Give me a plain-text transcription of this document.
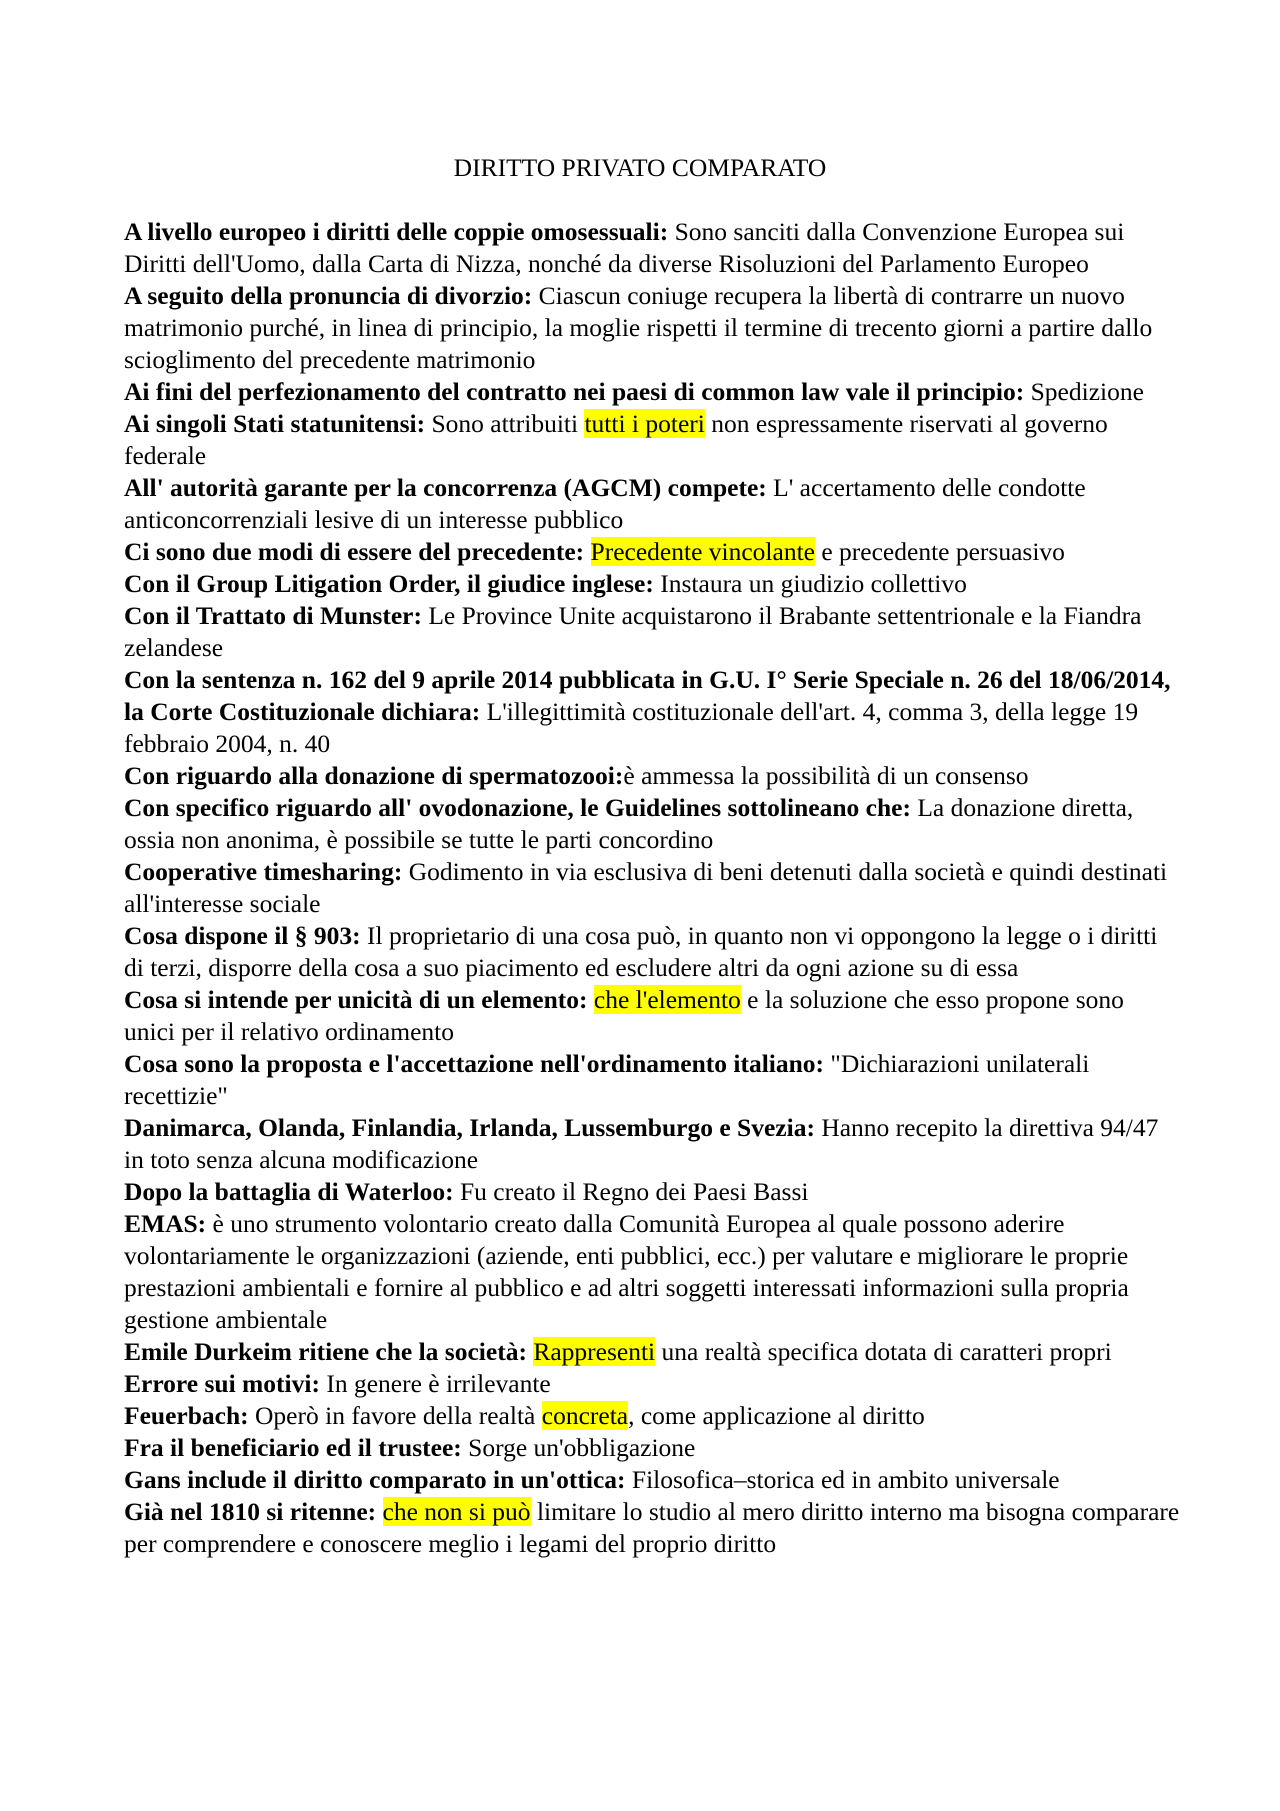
DIRITTO PRIVATO COMPARATO

A livello europeo i diritti delle coppie omosessuali: Sono sanciti dalla Convenzione Europea sui Diritti dell'Uomo, dalla Carta di Nizza, nonché da diverse Risoluzioni del Parlamento Europeo

A seguito della pronuncia di divorzio: Ciascun coniuge recupera la libertà di contrarre un nuovo matrimonio purché, in linea di principio, la moglie rispetti il termine di trecento giorni a partire dallo scioglimento del precedente matrimonio

Ai fini del perfezionamento del contratto nei paesi di common law vale il principio: Spedizione

Ai singoli Stati statunitensi: Sono attribuiti tutti i poteri non espressamente riservati al governo federale

All' autorità garante per la concorrenza (AGCM) compete: L' accertamento delle condotte anticoncorrenziali lesive di un interesse pubblico

Ci sono due modi di essere del precedente: Precedente vincolante e precedente persuasivo

Con il Group Litigation Order, il giudice inglese: Instaura un giudizio collettivo

Con il Trattato di Munster: Le Province Unite acquistarono il Brabante settentrionale e la Fiandra zelandese

Con la sentenza n. 162 del 9 aprile 2014 pubblicata in G.U. I° Serie Speciale n. 26 del 18/06/2014, la Corte Costituzionale dichiara: L'illegittimità costituzionale dell'art. 4, comma 3, della legge 19 febbraio 2004, n. 40

Con riguardo alla donazione di spermatozooi:è ammessa la possibilità di un consenso

Con specifico riguardo all' ovodonazione, le Guidelines sottolineano che: La donazione diretta, ossia non anonima, è possibile se tutte le parti concordino

Cooperative timesharing: Godimento in via esclusiva di beni detenuti dalla società e quindi destinati all'interesse sociale

Cosa dispone il § 903: Il proprietario di una cosa può, in quanto non vi oppongono la legge o i diritti di terzi, disporre della cosa a suo piacimento ed escludere altri da ogni azione su di essa

Cosa si intende per unicità di un elemento: che l'elemento e la soluzione che esso propone sono unici per il relativo ordinamento

Cosa sono la proposta e l'accettazione nell'ordinamento italiano: "Dichiarazioni unilaterali recettizie"

Danimarca, Olanda, Finlandia, Irlanda, Lussemburgo e Svezia: Hanno recepito la direttiva 94/47 in toto senza alcuna modificazione

Dopo la battaglia di Waterloo: Fu creato il Regno dei Paesi Bassi

EMAS: è uno strumento volontario creato dalla Comunità Europea al quale possono aderire volontariamente le organizzazioni (aziende, enti pubblici, ecc.) per valutare e migliorare le proprie prestazioni ambientali e fornire al pubblico e ad altri soggetti interessati informazioni sulla propria gestione ambientale

Emile Durkeim ritiene che la società: Rappresenti una realtà specifica dotata di caratteri propri

Errore sui motivi: In genere è irrilevante

Feuerbach: Operò in favore della realtà concreta, come applicazione al diritto

Fra il beneficiario ed il trustee: Sorge un'obbligazione

Gans include il diritto comparato in un'ottica: Filosofica–storica ed in ambito universale

Già nel 1810 si ritenne: che non si può limitare lo studio al mero diritto interno ma bisogna comparare per comprendere e conoscere meglio i legami del proprio diritto
